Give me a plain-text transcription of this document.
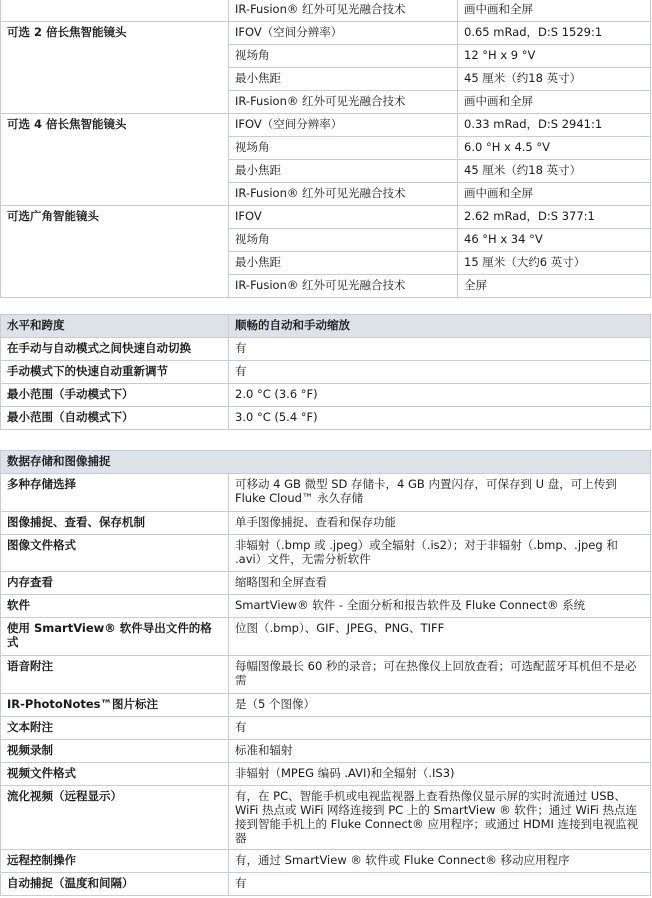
	IR-Fusion® 红外可见光融合技术	画中画和全屏
可选 2 倍长焦智能镜头	IFOV（空间分辨率）	0.65 mRad，D:S 1529:1
	视场角	12 °H x 9 °V
	最小焦距	45 厘米（约18 英寸）
	IR-Fusion® 红外可见光融合技术	画中画和全屏
可选 4 倍长焦智能镜头	IFOV（空间分辨率）	0.33 mRad，D:S 2941:1
	视场角	6.0 °H x 4.5 °V
	最小焦距	45 厘米（约18 英寸）
	IR-Fusion® 红外可见光融合技术	画中画和全屏
可选广角智能镜头	IFOV	2.62 mRad，D:S 377:1
	视场角	46 °H x 34 °V
	最小焦距	15 厘米（大约6 英寸）
	IR-Fusion® 红外可见光融合技术	全屏
水平和跨度	顺畅的自动和手动缩放
在手动与自动模式之间快速自动切换	有
手动模式下的快速自动重新调节	有
最小范围（手动模式下）	2.0 °C (3.6 °F)
最小范围（自动模式下）	3.0 °C (5.4 °F)
数据存储和图像捕捉	
多种存储选择	可移动 4 GB 微型 SD 存储卡，4 GB 内置闪存，可保存到 U 盘，可上传到 Fluke Cloud™ 永久存储
图像捕捉、查看、保存机制	单手图像捕捉、查看和保存功能
图像文件格式	非辐射（.bmp 或 .jpeg）或全辐射（.is2）；对于非辐射（.bmp、.jpeg 和 .avi）文件，无需分析软件
内存查看	缩略图和全屏查看
软件	SmartView® 软件 - 全面分析和报告软件及 Fluke Connect® 系统
使用 SmartView® 软件导出文件的格式	位图（.bmp）、GIF、JPEG、PNG、TIFF
语音附注	每幅图像最长 60 秒的录音；可在热像仪上回放查看；可选配蓝牙耳机但不是必需
IR-PhotoNotes™图片标注	是（5 个图像）
文本附注	有
视频录制	标准和辐射
视频文件格式	非辐射（MPEG 编码 .AVI)和全辐射（.IS3)
流化视频（远程显示）	有，在 PC、智能手机或电视监视器上查看热像仪显示屏的实时流通过 USB、WiFi 热点或 WiFi 网络连接到 PC 上的 SmartView ® 软件；通过 WiFi 热点连接到智能手机上的 Fluke Connect® 应用程序；或通过 HDMI 连接到电视监视器
远程控制操作	有，通过 SmartView ® 软件或 Fluke Connect® 移动应用程序
自动捕捉（温度和间隔）	有
